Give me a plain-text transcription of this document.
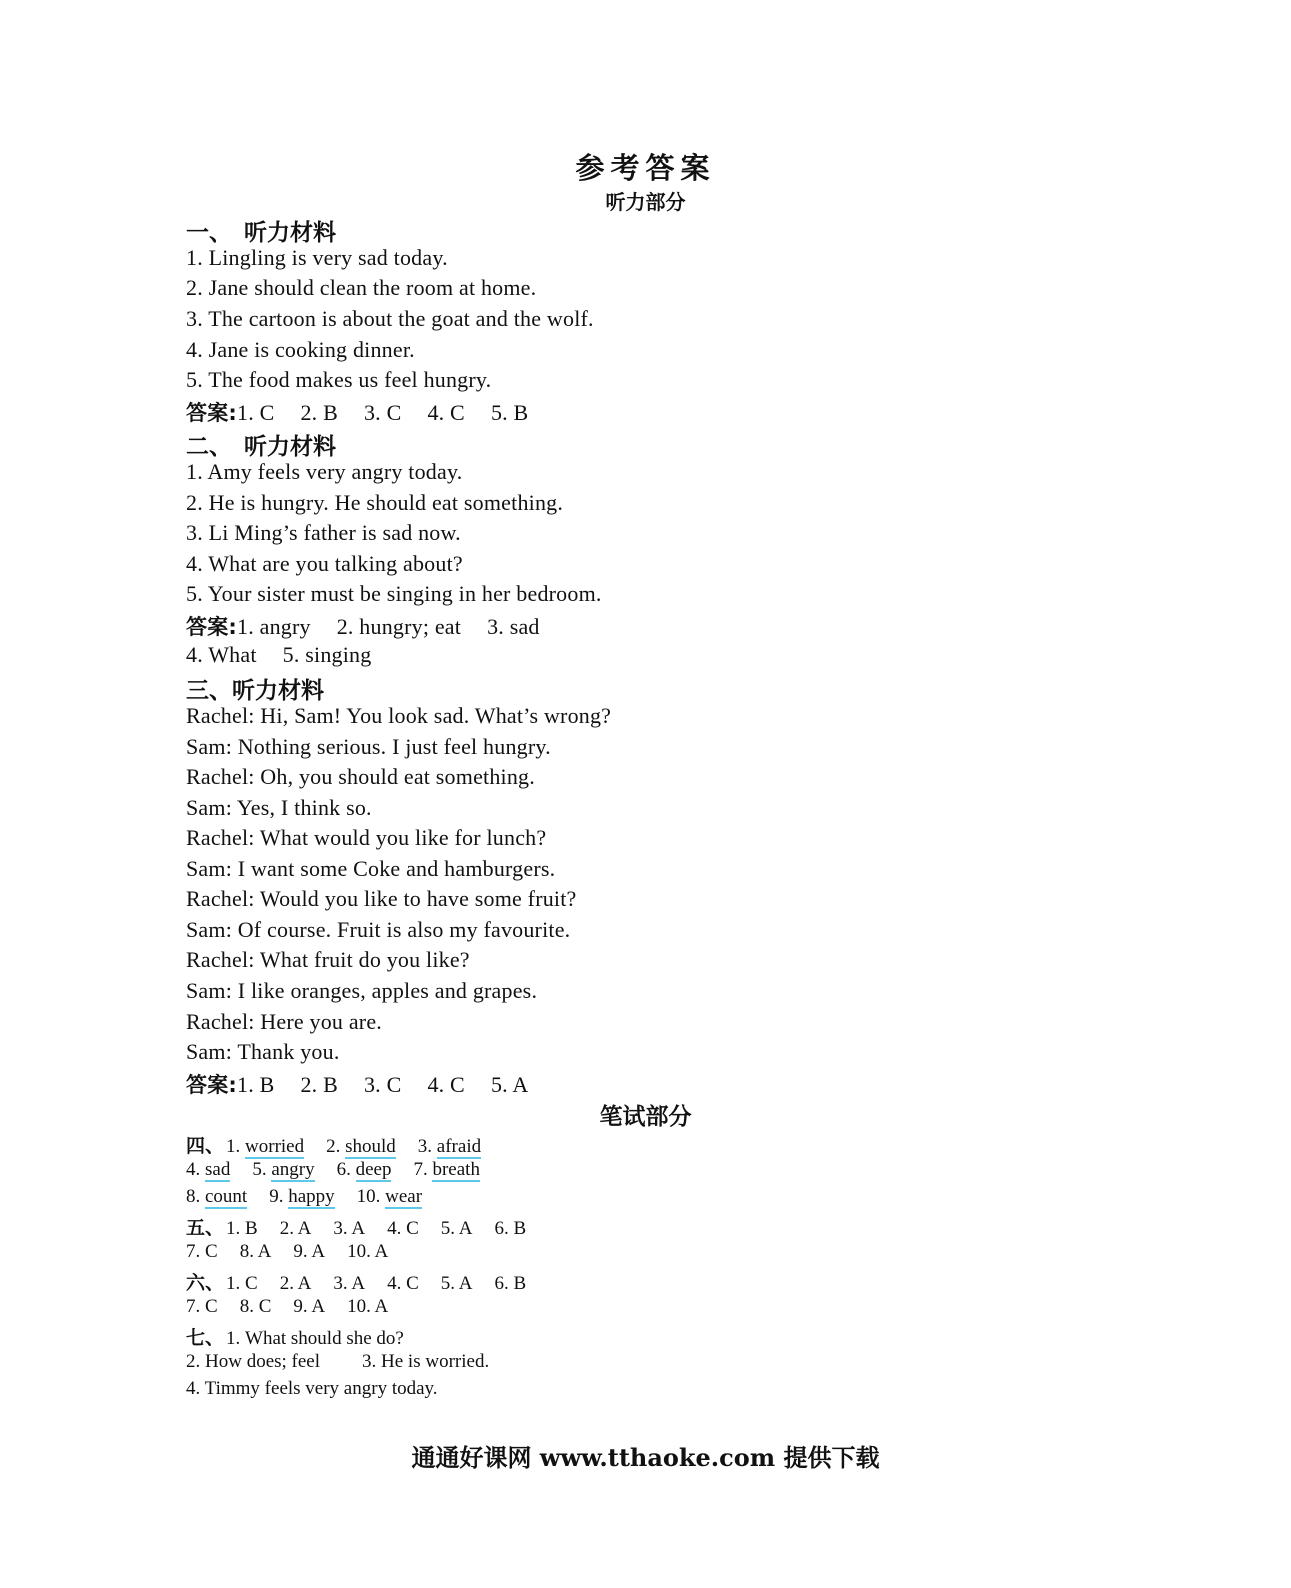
参考答案
听力部分

一、 听力材料

1. Lingling is very sad today.

2. Jane should clean the room at home.

3. The cartoon is about the goat and the wolf.

4. Jane is cooking dinner.

5. The food makes us feel hungry.

答案:1. C 2. B 3. C 4. C 5. B

二、 听力材料

1. Amy feels very angry today.

2. He is hungry. He should eat something.

3. Li Ming’s father is sad now.

4. What are you talking about?

5. Your sister must be singing in her bedroom.

答案:1. angry 2. hungry; eat 3. sad

4. What 5. singing

三、听力材料

Rachel: Hi, Sam! You look sad. What’s wrong?

Sam: Nothing serious. I just feel hungry.

Rachel: Oh, you should eat something.

Sam: Yes, I think so.

Rachel: What would you like for lunch?

Sam: I want some Coke and hamburgers.

Rachel: Would you like to have some fruit?

Sam: Of course. Fruit is also my favourite.

Rachel: What fruit do you like?

Sam: I like oranges, apples and grapes.

Rachel: Here you are.

Sam: Thank you.

答案:1. B 2. B 3. C 4. C 5. A

笔试部分

四、 1. worried 2. should 3. afraid

4. sad 5. angry 6. deep 7. breath

8. count 9. happy 10. wear

五、 1. B 2. A 3. A 4. C 5. A 6. B

7. C 8. A 9. A 10. A

六、 1. C 2. A 3. A 4. C 5. A 6. B

7. C 8. C 9. A 10. A

七、 1. What should she do?

2. How does; feel 3. He is worried.

4. Timmy feels very angry today.

通通好课网 www.tthaoke.com 提供下载
